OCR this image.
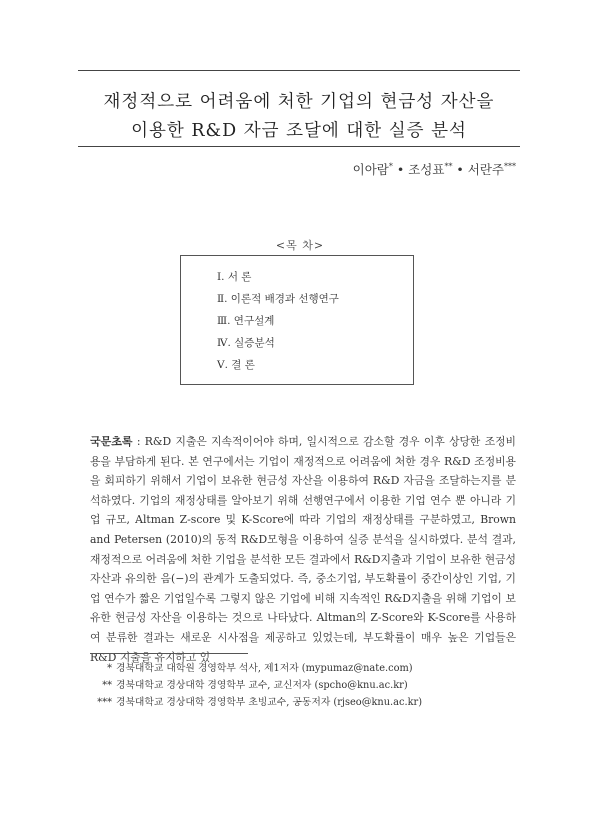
재정적으로 어려움에 처한 기업의 현금성 자산을
이용한 R&D 자금 조달에 대한 실증 분석
이아람* • 조성표** • 서란주***
<목 차>
Ⅰ. 서 론
Ⅱ. 이론적 배경과 선행연구
Ⅲ. 연구설계
Ⅳ. 실증분석
Ⅴ. 결 론
국문초록 : R&D 지출은 지속적이어야 하며, 일시적으로 감소할 경우 이후 상당한 조정비용을 부담하게 된다. 본 연구에서는 기업이 재정적으로 어려움에 처한 경우 R&D 조정비용을 회피하기 위해서 기업이 보유한 현금성 자산을 이용하여 R&D 자금을 조달하는지를 분석하였다. 기업의 재정상태를 알아보기 위해 선행연구에서 이용한 기업 연수 뿐 아니라 기업 규모, Altman Z-score 및 K-Score에 따라 기업의 재정상태를 구분하였고, Brown and Petersen (2010)의 동적 R&D모형을 이용하여 실증 분석을 실시하였다. 분석 결과, 재정적으로 어려움에 처한 기업을 분석한 모든 결과에서 R&D지출과 기업이 보유한 현금성 자산과 유의한 음(−)의 관계가 도출되었다. 즉, 중소기업, 부도확률이 중간이상인 기업, 기업 연수가 짧은 기업일수록 그렇지 않은 기업에 비해 지속적인 R&D지출을 위해 기업이 보유한 현금성 자산을 이용하는 것으로 나타났다. Altman의 Z-Score와 K-Score를 사용하여 분류한 결과는 새로운 시사점을 제공하고 있었는데, 부도확률이 매우 높은 기업들은 R&D 지출을 유지하고 있
* 경북대학교 대학원 경영학부 석사, 제1저자 (mypumaz@nate.com)
** 경북대학교 경상대학 경영학부 교수, 교신저자 (spcho@knu.ac.kr)
*** 경북대학교 경상대학 경영학부 초빙교수, 공동저자 (rjseo@knu.ac.kr)
